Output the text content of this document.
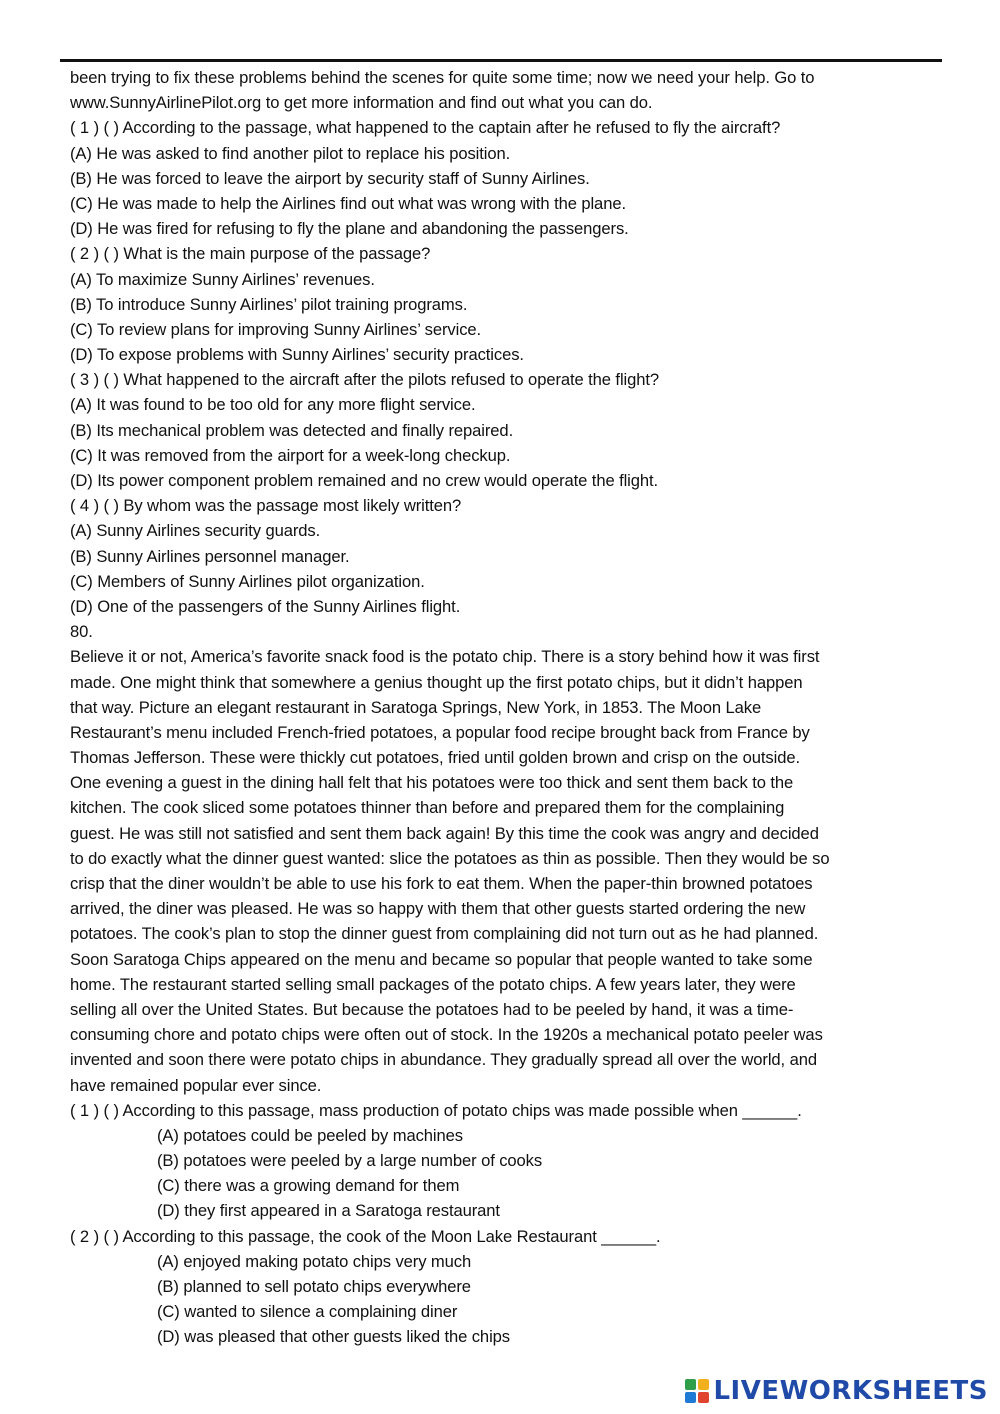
been trying to fix these problems behind the scenes for quite some time; now we need your help. Go to
www.SunnyAirlinePilot.org to get more information and find out what you can do.
( 1 ) ( ) According to the passage, what happened to the captain after he refused to fly the aircraft?
(A) He was asked to find another pilot to replace his position.
(B) He was forced to leave the airport by security staff of Sunny Airlines.
(C) He was made to help the Airlines find out what was wrong with the plane.
(D) He was fired for refusing to fly the plane and abandoning the passengers.
( 2 ) ( ) What is the main purpose of the passage?
(A) To maximize Sunny Airlines’ revenues.
(B) To introduce Sunny Airlines’ pilot training programs.
(C) To review plans for improving Sunny Airlines’ service.
(D) To expose problems with Sunny Airlines’ security practices.
( 3 ) ( ) What happened to the aircraft after the pilots refused to operate the flight?
(A) It was found to be too old for any more flight service.
(B) Its mechanical problem was detected and finally repaired.
(C) It was removed from the airport for a week-long checkup.
(D) Its power component problem remained and no crew would operate the flight.
( 4 ) ( ) By whom was the passage most likely written?
(A) Sunny Airlines security guards.
(B) Sunny Airlines personnel manager.
(C) Members of Sunny Airlines pilot organization.
(D) One of the passengers of the Sunny Airlines flight.
80.
Believe it or not, America’s favorite snack food is the potato chip. There is a story behind how it was first
made. One might think that somewhere a genius thought up the first potato chips, but it didn’t happen
that way. Picture an elegant restaurant in Saratoga Springs, New York, in 1853. The Moon Lake
Restaurant’s menu included French-fried potatoes, a popular food recipe brought back from France by
Thomas Jefferson. These were thickly cut potatoes, fried until golden brown and crisp on the outside.
One evening a guest in the dining hall felt that his potatoes were too thick and sent them back to the
kitchen. The cook sliced some potatoes thinner than before and prepared them for the complaining
guest. He was still not satisfied and sent them back again! By this time the cook was angry and decided
to do exactly what the dinner guest wanted: slice the potatoes as thin as possible. Then they would be so
crisp that the diner wouldn’t be able to use his fork to eat them. When the paper-thin browned potatoes
arrived, the diner was pleased. He was so happy with them that other guests started ordering the new
potatoes. The cook’s plan to stop the dinner guest from complaining did not turn out as he had planned.
Soon Saratoga Chips appeared on the menu and became so popular that people wanted to take some
home. The restaurant started selling small packages of the potato chips. A few years later, they were
selling all over the United States. But because the potatoes had to be peeled by hand, it was a time-
consuming chore and potato chips were often out of stock. In the 1920s a mechanical potato peeler was
invented and soon there were potato chips in abundance. They gradually spread all over the world, and
have remained popular ever since.
( 1 ) ( ) According to this passage, mass production of potato chips was made possible when ______.
(A) potatoes could be peeled by machines
(B) potatoes were peeled by a large number of cooks
(C) there was a growing demand for them
(D) they first appeared in a Saratoga restaurant
( 2 ) ( ) According to this passage, the cook of the Moon Lake Restaurant ______.
(A) enjoyed making potato chips very much
(B) planned to sell potato chips everywhere
(C) wanted to silence a complaining diner
(D) was pleased that other guests liked the chips
LIVEWORKSHEETS
